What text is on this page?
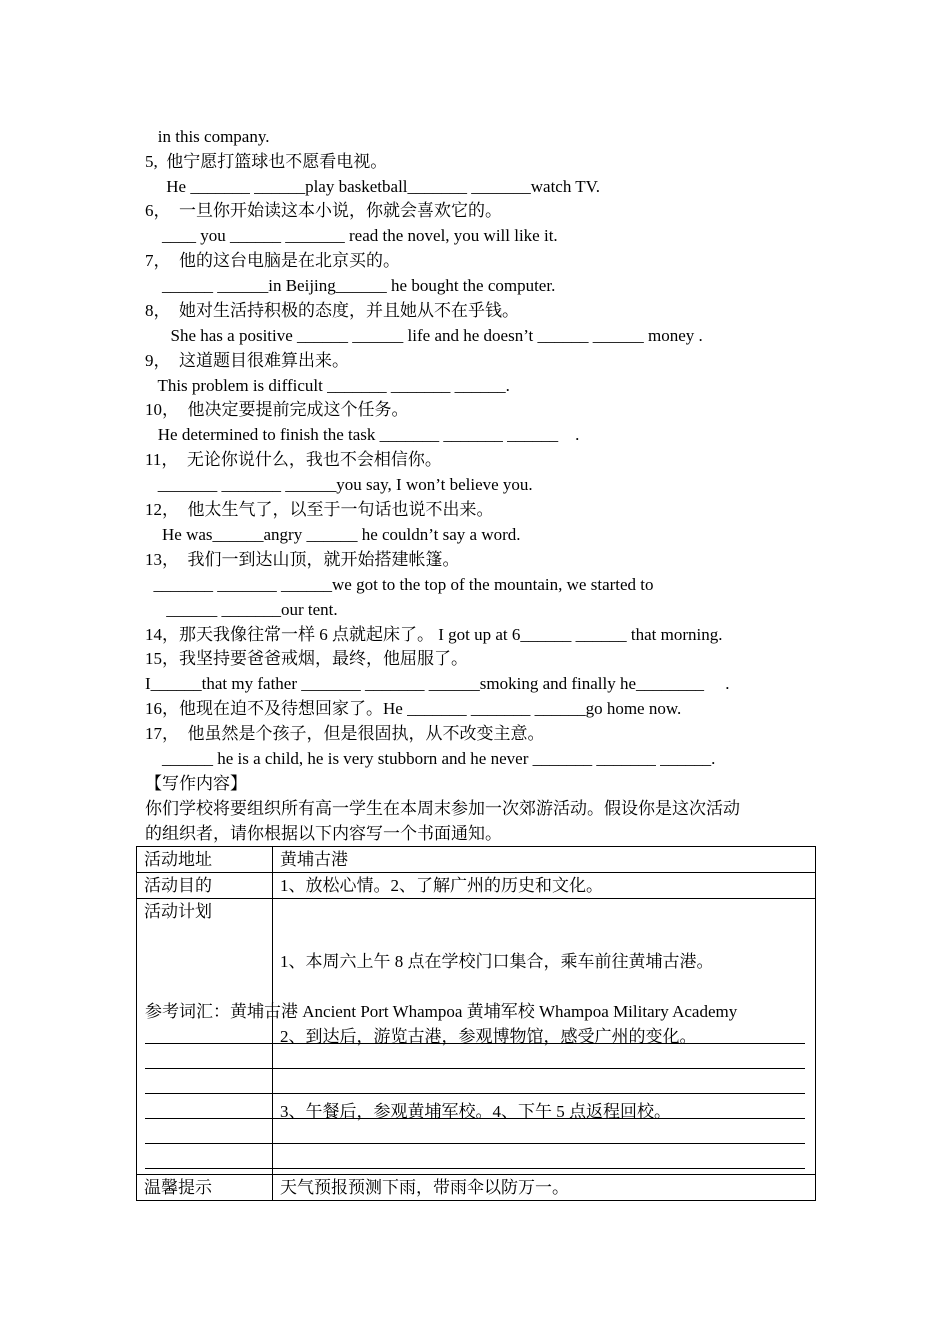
in this company.
5,  他宁愿打篮球也不愿看电视。
He _______ ______play basketball_______ _______watch TV.
6，  一旦你开始读这本小说，你就会喜欢它的。
____ you ______ _______ read the novel, you will like it.
7，  他的这台电脑是在北京买的。
______ ______in Beijing______ he bought the computer.
8，  她对生活持积极的态度，并且她从不在乎钱。
She has a positive ______ ______ life and he doesn’t ______ ______ money .
9，  这道题目很难算出来。
This problem is difficult _______ _______ ______.
10，  他决定要提前完成这个任务。
He determined to finish the task _______ _______ ______    .
11，  无论你说什么，我也不会相信你。
_______ _______ ______you say, I won’t believe you.
12，  他太生气了，以至于一句话也说不出来。
He was______angry ______ he couldn’t say a word.
13，  我们一到达山顶，就开始搭建帐篷。
_______ _______ ______we got to the top of the mountain, we started to
______ _______our tent.
14，那天我像往常一样 6 点就起床了。 I got up at 6______ ______ that morning.
15，我坚持要爸爸戒烟，最终，他屈服了。
I______that my father _______ _______ ______smoking and finally he________     .
16，他现在迫不及待想回家了。He _______ _______ ______go home now.
17，  他虽然是个孩子，但是很固执，从不改变主意。
______ he is a child, he is very stubborn and he never _______ _______ ______.
【写作内容】
你们学校将要组织所有高一学生在本周末参加一次郊游活动。假设你是这次活动
的组织者，请你根据以下内容写一个书面通知。
活动地址	黄埔古港
活动目的	1、放松心情。2、了解广州的历史和文化。
活动计划	1、本周六上午 8 点在学校门口集合，乘车前往黄埔古港。

2、到达后，游览古港，参观博物馆，感受广州的变化。

3、午餐后，参观黄埔军校。4、下午 5 点返程回校。

温馨提示	天气预报预测下雨，带雨伞以防万一。
参考词汇：黄埔古港 Ancient Port Whampoa 黄埔军校 Whampoa Military Academy
